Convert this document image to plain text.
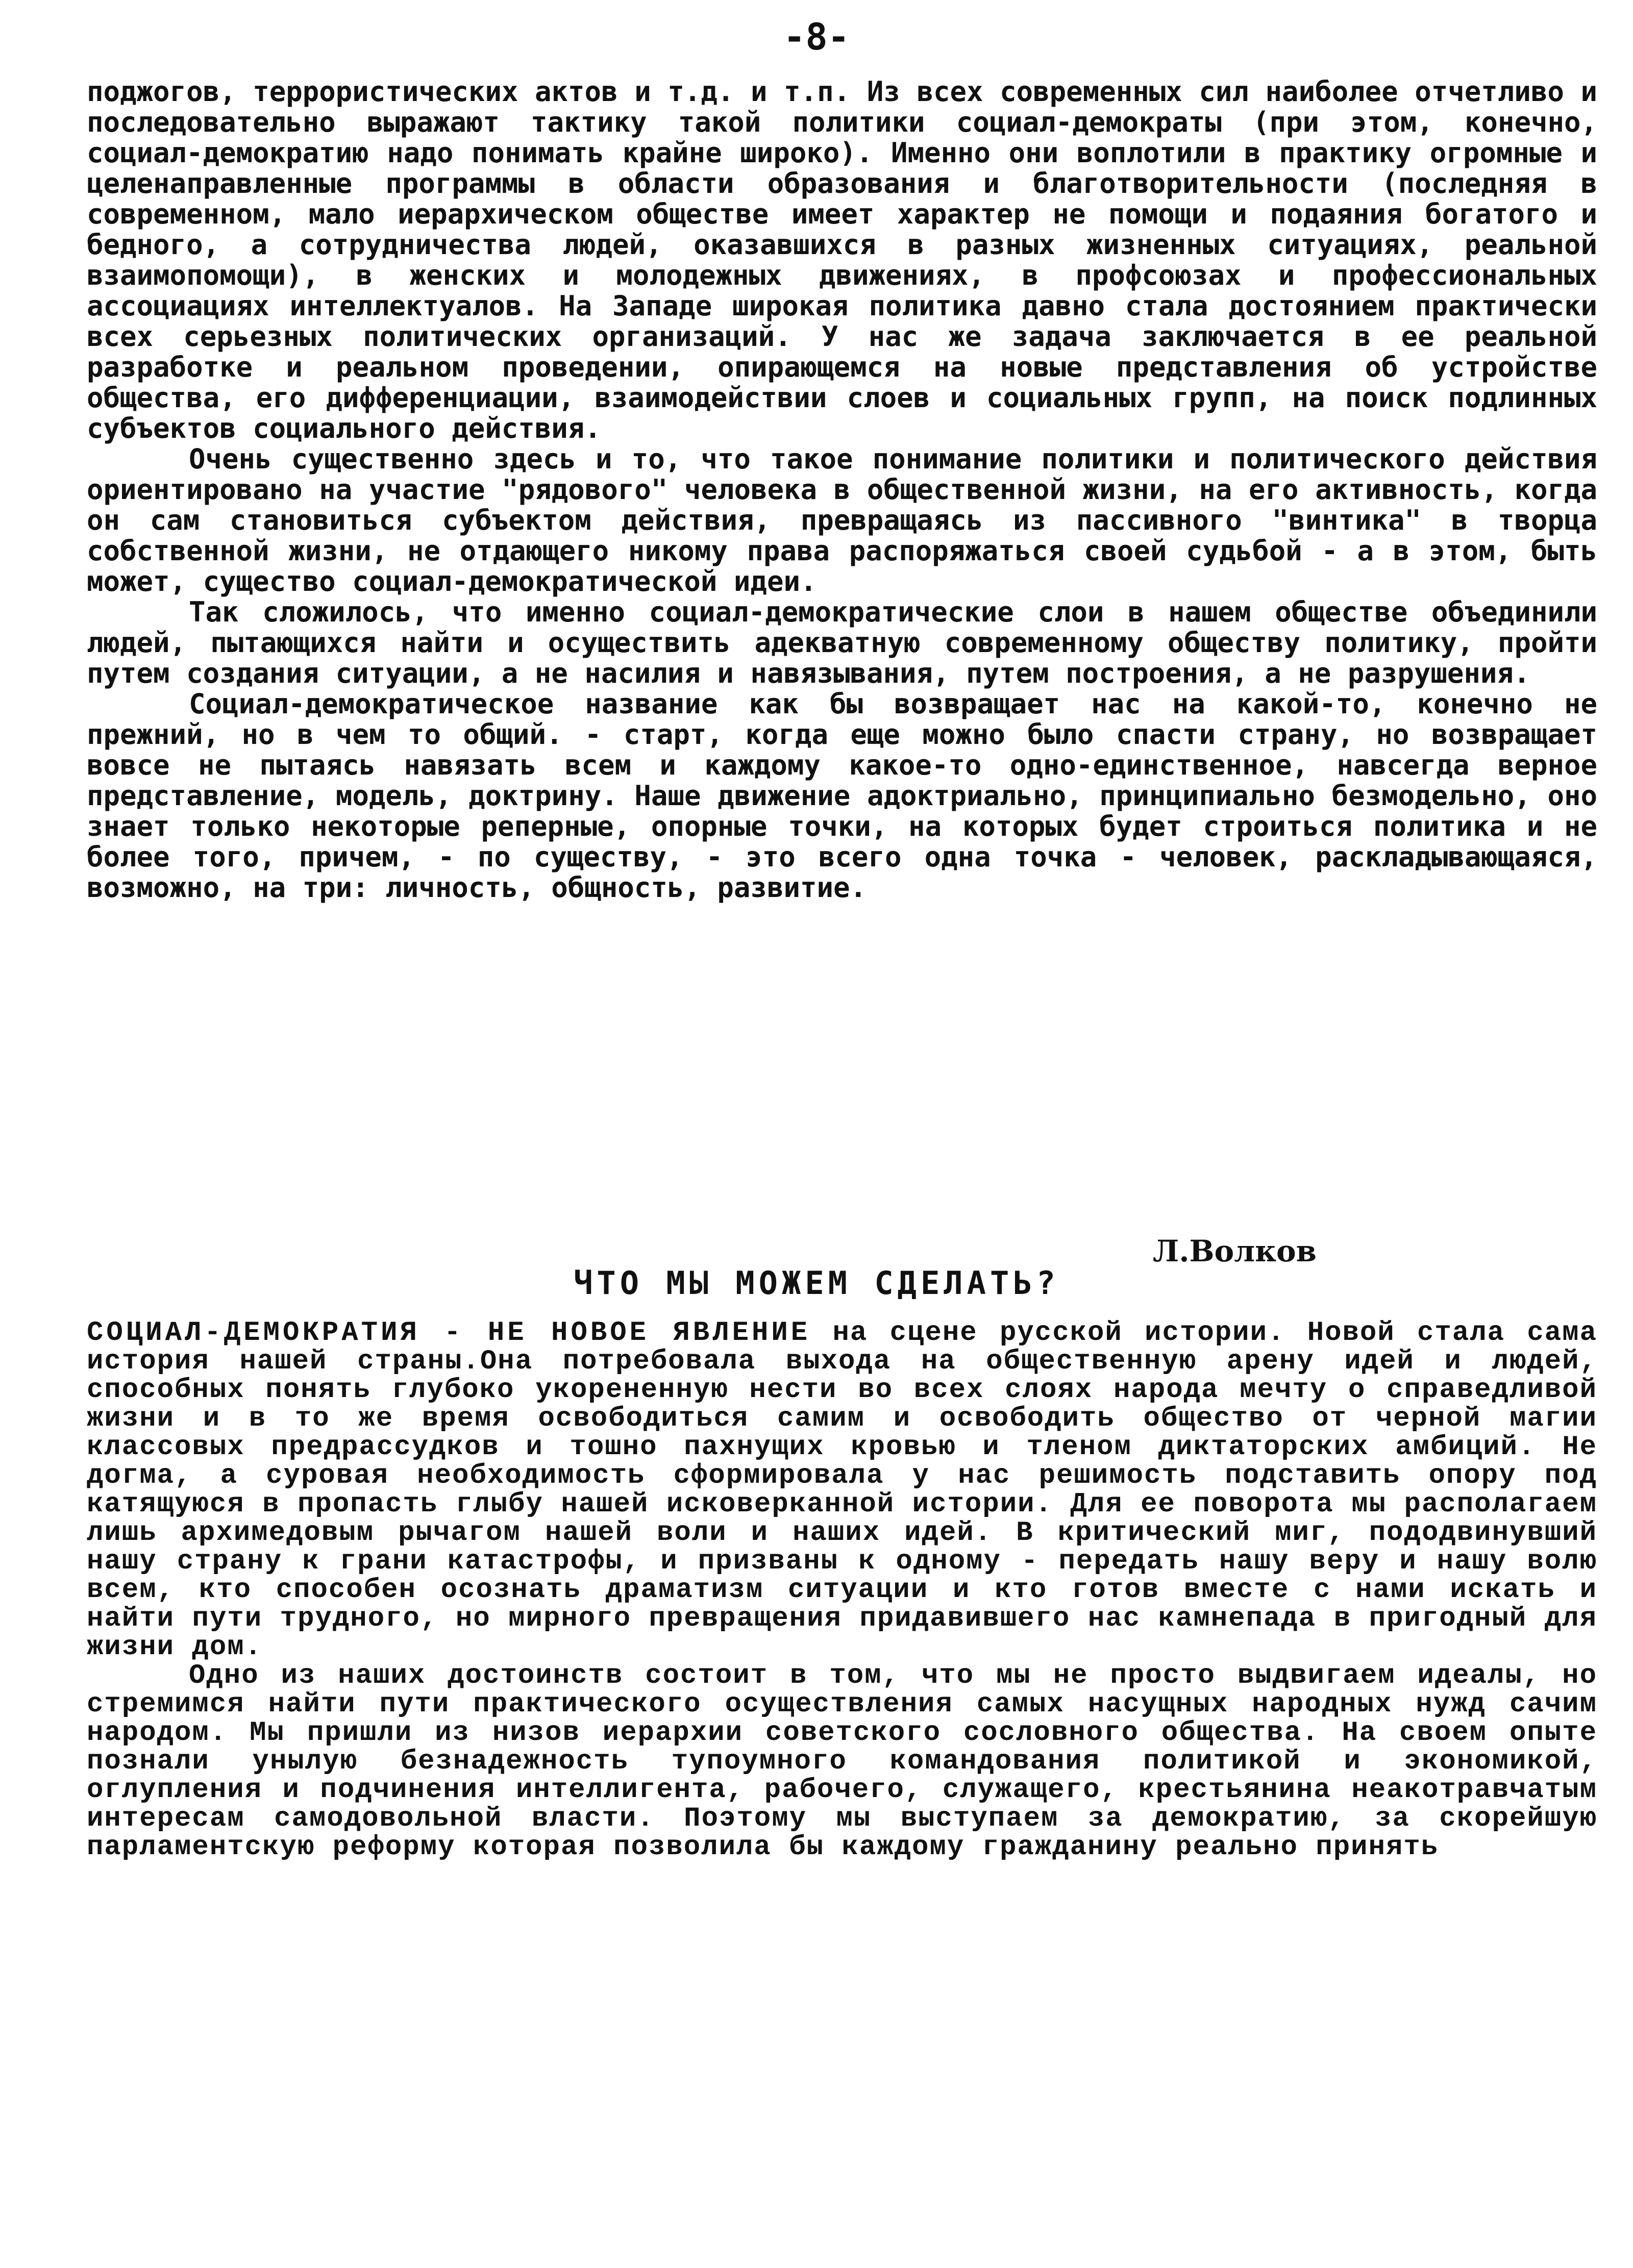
-8-

поджогов, террористических актов и т.д. и т.п. Из всех современных сил наиболее отчетливо и последовательно выражают тактику такой политики социал-демократы (при этом, конечно, социал-демократию надо понимать крайне широко). Именно они воплотили в практику огромные и целенаправленные программы в области образования и благотворительности (последняя в современном, мало иерархическом обществе имеет характер не помощи и подаяния богатого и бедного, а сотрудничества людей, оказавшихся в разных жизненных ситуациях, реальной взаимопомощи), в женских и молодежных движениях, в профсоюзах и профессиональных ассоциациях интеллектуалов. На Западе широкая политика давно стала достоянием практически всех серьезных политических организаций. У нас же задача заключается в ее реальной разработке и реальном проведении, опирающемся на новые представления об устройстве общества, его дифференциации, взаимодействии слоев и социальных групп, на поиск подлинных субъектов социального действия.

Очень существенно здесь и то, что такое понимание политики и политического действия ориентировано на участие "рядового" человека в общественной жизни, на его активность, когда он сам становиться субъектом действия, превращаясь из пассивного "винтика" в творца собственной жизни, не отдающего никому права распоряжаться своей судьбой - а в этом, быть может, существо социал-демократической идеи.

Так сложилось, что именно социал-демократические слои в нашем обществе объединили людей, пытающихся найти и осуществить адекватную современному обществу политику, пройти путем создания ситуации, а не насилия и навязывания, путем построения, а не разрушения.

Социал-демократическое название как бы возвращает нас на какой-то, конечно не прежний, но в чем то общий. - старт, когда еще можно было спасти страну, но возвращает вовсе не пытаясь навязать всем и каждому какое-то одно-единственное, навсегда верное представление, модель, доктрину. Наше движение адоктриально, принципиально безмодельно, оно знает только некоторые реперные, опорные точки, на которых будет строиться политика и не более того, причем, - по существу, - это всего одна точка - человек, раскладывающаяся, возможно, на три: личность, общность, развитие.

Л.Волков
ЧТО МЫ МОЖЕМ СДЕЛАТЬ?

СОЦИАЛ-ДЕМОКРАТИЯ - НЕ НОВОЕ ЯВЛЕНИЕ на сцене русской истории. Новой стала сама история нашей страны.Она потребовала выхода на общественную арену идей и людей, способных понять глубоко укорененную нести во всех слоях народа мечту о справедливой жизни и в то же время освободиться самим и освободить общество от черной магии классовых предрассудков и тошно пахнущих кровью и тленом диктаторских амбиций. Не догма, а суровая необходимость сформировала у нас решимость подставить опору под катящуюся в пропасть глыбу нашей исковерканной истории. Для ее поворота мы располагаем лишь архимедовым рычагом нашей воли и наших идей. В критический миг, пододвинувший нашу страну к грани катастрофы, и призваны к одному - передать нашу веру и нашу волю всем, кто способен осознать драматизм ситуации и кто готов вместе с нами искать и найти пути трудного, но мирного превращения придавившего нас камнепада в пригодный для жизни дом.

Одно из наших достоинств состоит в том, что мы не просто выдвигаем идеалы, но стремимся найти пути практического осуществления самых насущных народных нужд сачим народом. Мы пришли из низов иерархии советского сословного общества. На своем опыте познали унылую безнадежность тупоумного командования политикой и экономикой, оглупления и подчинения интеллигента, рабочего, служащего, крестьянина неакотравчатым интересам самодовольной власти. Поэтому мы выступаем за демократию, за скорейшую парламентскую реформу которая позволила бы каждому гражданину реально принять
